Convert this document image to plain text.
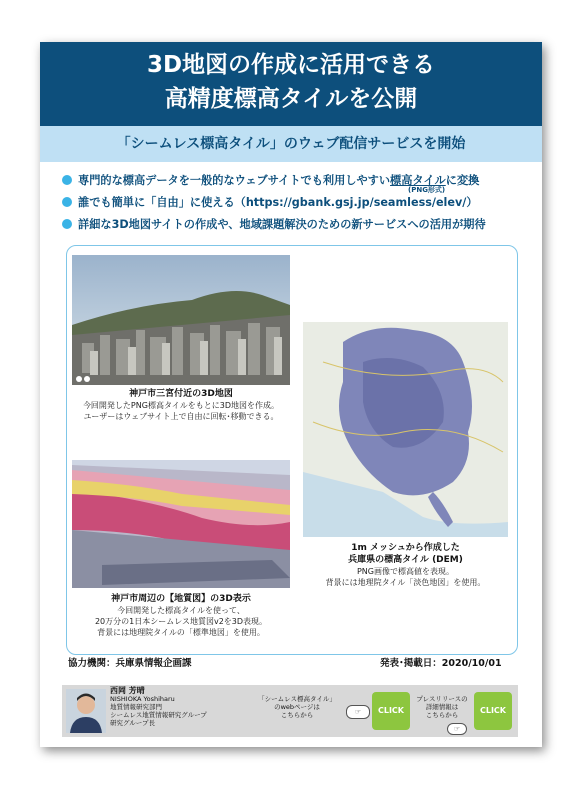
3D地図の作成に活用できる
高精度標高タイルを公開
「シームレス標高タイル」のウェブ配信サービスを開始
専門的な標高データを一般的なウェブサイトでも利用しやすい標高タイルに変換
(PNG形式)
誰でも簡単に「自由」に使える（https://gbank.gsj.jp/seamless/elev/）
詳細な3D地図サイトの作成や、地域課題解決のための新サービスへの活用が期待
神戸市三宮付近の3D地図
今回開発したPNG標高タイルをもとに3D地図を作成。
ユーザーはウェブサイト上で自由に回転･移動できる。
神戸市周辺の【地質図】の3D表示
今回開発した標高タイルを使って、
20万分の1日本シームレス地質図v2を3D表現。
背景には地理院タイルの「標準地図」を使用。
1m メッシュから作成した
兵庫県の標高タイル (DEM)
PNG画像で標高値を表現。
背景には地理院タイル「淡色地図」を使用。
協力機関：兵庫県情報企画課	発表･掲載日：2020/10/01
西岡 芳晴
NISHIOKA Yoshiharu
地質情報研究部門
シームレス地質情報研究グループ
研究グループ長
「シームレス標高タイル」
のwebページは
こちらから	☞	CLICK
プレスリリースの
詳細情報は
こちらから
☞
CLICK
